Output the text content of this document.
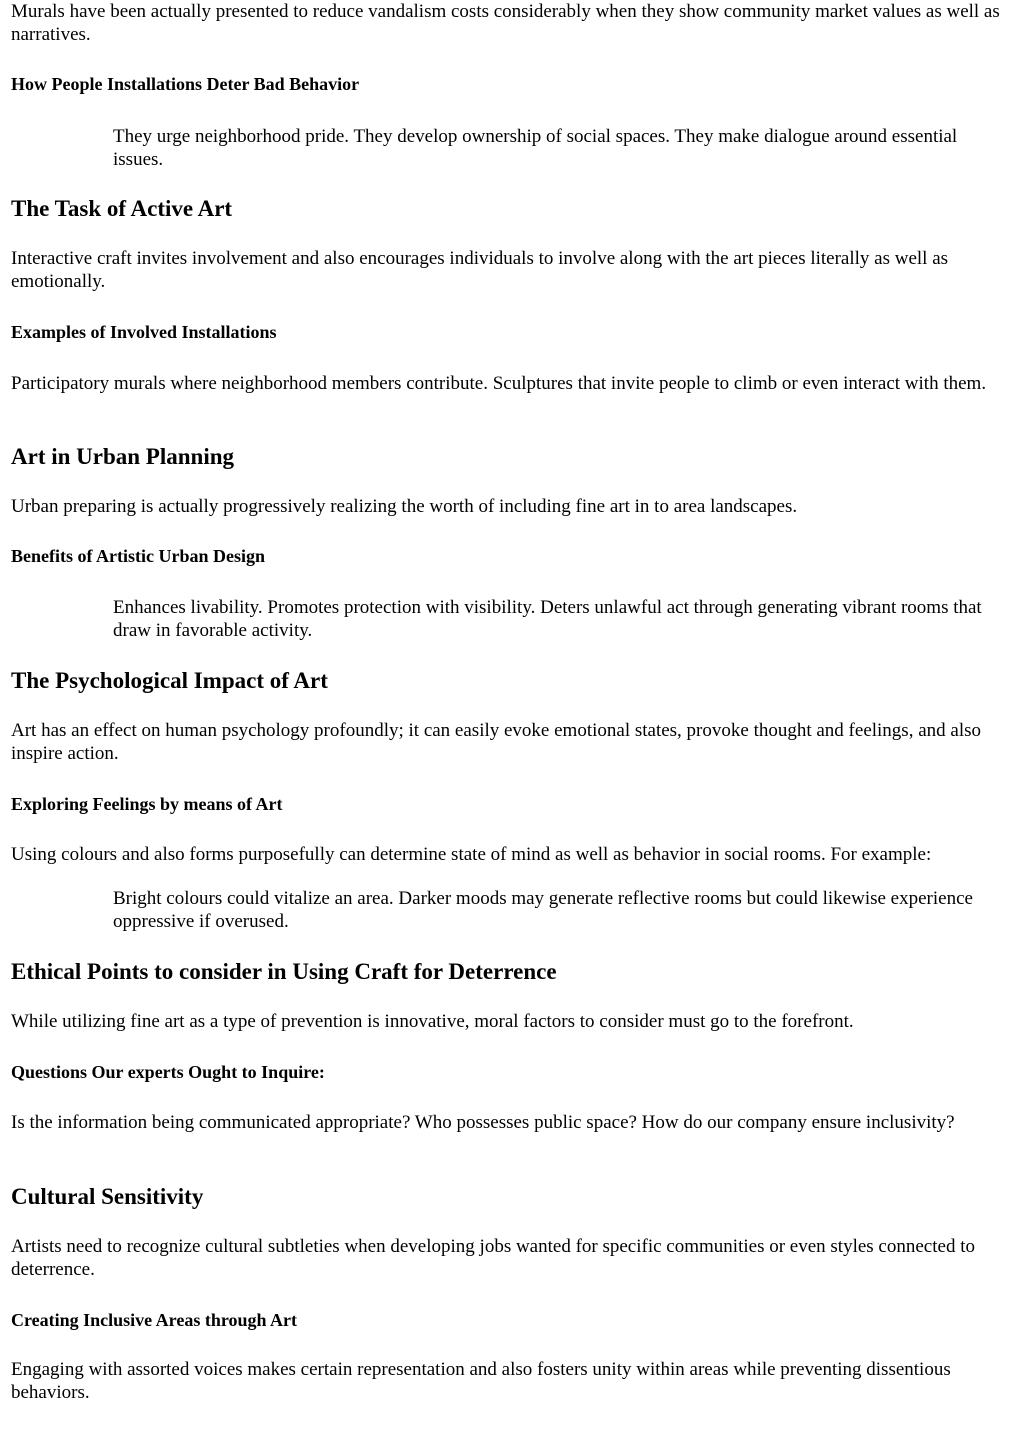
Murals have been actually presented to reduce vandalism costs considerably when they show community market values as well as narratives.

How People Installations Deter Bad Behavior
They urge neighborhood pride. They develop ownership of social spaces. They make dialogue around essential issues.
The Task of Active Art

Interactive craft invites involvement and also encourages individuals to involve along with the art pieces literally as well as emotionally.

Examples of Involved Installations

Participatory murals where neighborhood members contribute. Sculptures that invite people to climb or even interact with them.

Art in Urban Planning

Urban preparing is actually progressively realizing the worth of including fine art in to area landscapes.

Benefits of Artistic Urban Design
Enhances livability. Promotes protection with visibility. Deters unlawful act through generating vibrant rooms that draw in favorable activity.
The Psychological Impact of Art

Art has an effect on human psychology profoundly; it can easily evoke emotional states, provoke thought and feelings, and also inspire action.

Exploring Feelings by means of Art

Using colours and also forms purposefully can determine state of mind as well as behavior in social rooms. For example:

Bright colours could vitalize an area. Darker moods may generate reflective rooms but could likewise experience oppressive if overused.
Ethical Points to consider in Using Craft for Deterrence

While utilizing fine art as a type of prevention is innovative, moral factors to consider must go to the forefront.

Questions Our experts Ought to Inquire:

Is the information being communicated appropriate? Who possesses public space? How do our company ensure inclusivity?

Cultural Sensitivity

Artists need to recognize cultural subtleties when developing jobs wanted for specific communities or even styles connected to deterrence.

Creating Inclusive Areas through Art

Engaging with assorted voices makes certain representation and also fosters unity within areas while preventing dissentious behaviors.
